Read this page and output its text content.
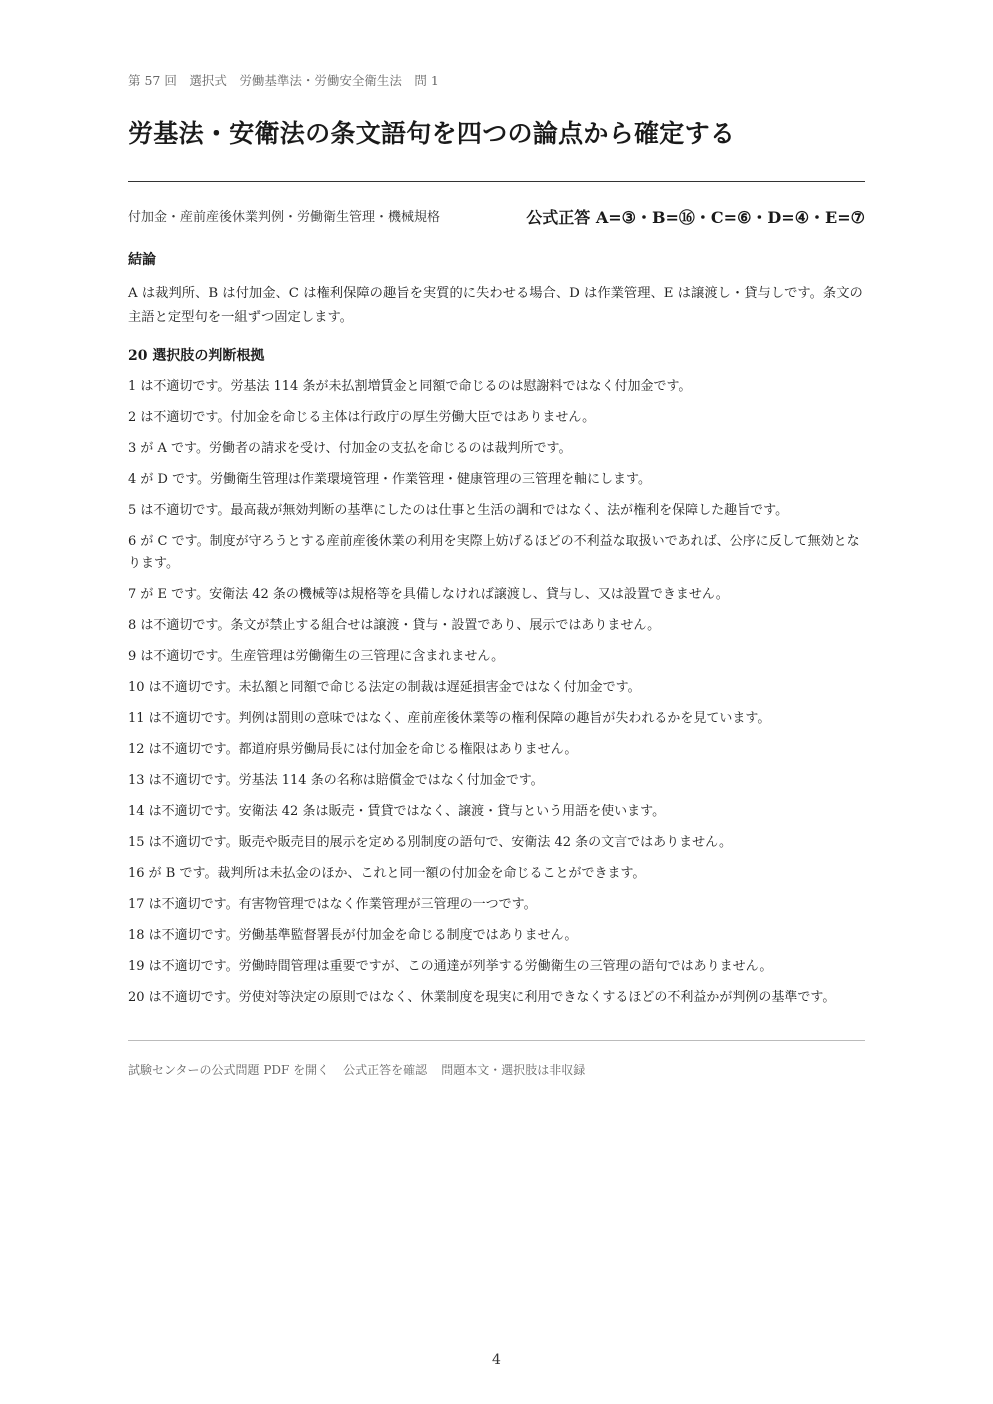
第 57 回　選択式　労働基準法・労働安全衛生法　問 1
労基法・安衛法の条文語句を四つの論点から確定する
付加金・産前産後休業判例・労働衛生管理・機械規格	公式正答 A=③・B=⑯・C=⑥・D=④・E=⑦
結論

A は裁判所、B は付加金、C は権利保障の趣旨を実質的に失わせる場合、D は作業管理、E は譲渡し・貸与しです。条文の主語と定型句を一組ずつ固定します。

20 選択肢の判断根拠
1 は不適切です。労基法 114 条が未払割増賃金と同額で命じるのは慰謝料ではなく付加金です。
2 は不適切です。付加金を命じる主体は行政庁の厚生労働大臣ではありません。
3 が A です。労働者の請求を受け、付加金の支払を命じるのは裁判所です。
4 が D です。労働衛生管理は作業環境管理・作業管理・健康管理の三管理を軸にします。
5 は不適切です。最高裁が無効判断の基準にしたのは仕事と生活の調和ではなく、法が権利を保障した趣旨です。
6 が C です。制度が守ろうとする産前産後休業の利用を実際上妨げるほどの不利益な取扱いであれば、公序に反して無効となります。
7 が E です。安衛法 42 条の機械等は規格等を具備しなければ譲渡し、貸与し、又は設置できません。
8 は不適切です。条文が禁止する組合せは譲渡・貸与・設置であり、展示ではありません。
9 は不適切です。生産管理は労働衛生の三管理に含まれません。
10 は不適切です。未払額と同額で命じる法定の制裁は遅延損害金ではなく付加金です。
11 は不適切です。判例は罰則の意味ではなく、産前産後休業等の権利保障の趣旨が失われるかを見ています。
12 は不適切です。都道府県労働局長には付加金を命じる権限はありません。
13 は不適切です。労基法 114 条の名称は賠償金ではなく付加金です。
14 は不適切です。安衛法 42 条は販売・賃貸ではなく、譲渡・貸与という用語を使います。
15 は不適切です。販売や販売目的展示を定める別制度の語句で、安衛法 42 条の文言ではありません。
16 が B です。裁判所は未払金のほか、これと同一額の付加金を命じることができます。
17 は不適切です。有害物管理ではなく作業管理が三管理の一つです。
18 は不適切です。労働基準監督署長が付加金を命じる制度ではありません。
19 は不適切です。労働時間管理は重要ですが、この通達が列挙する労働衛生の三管理の語句ではありません。
20 は不適切です。労使対等決定の原則ではなく、休業制度を現実に利用できなくするほどの不利益かが判例の基準です。
試験センターの公式問題 PDF を開く 公式正答を確認 問題本文・選択肢は非収録
4
